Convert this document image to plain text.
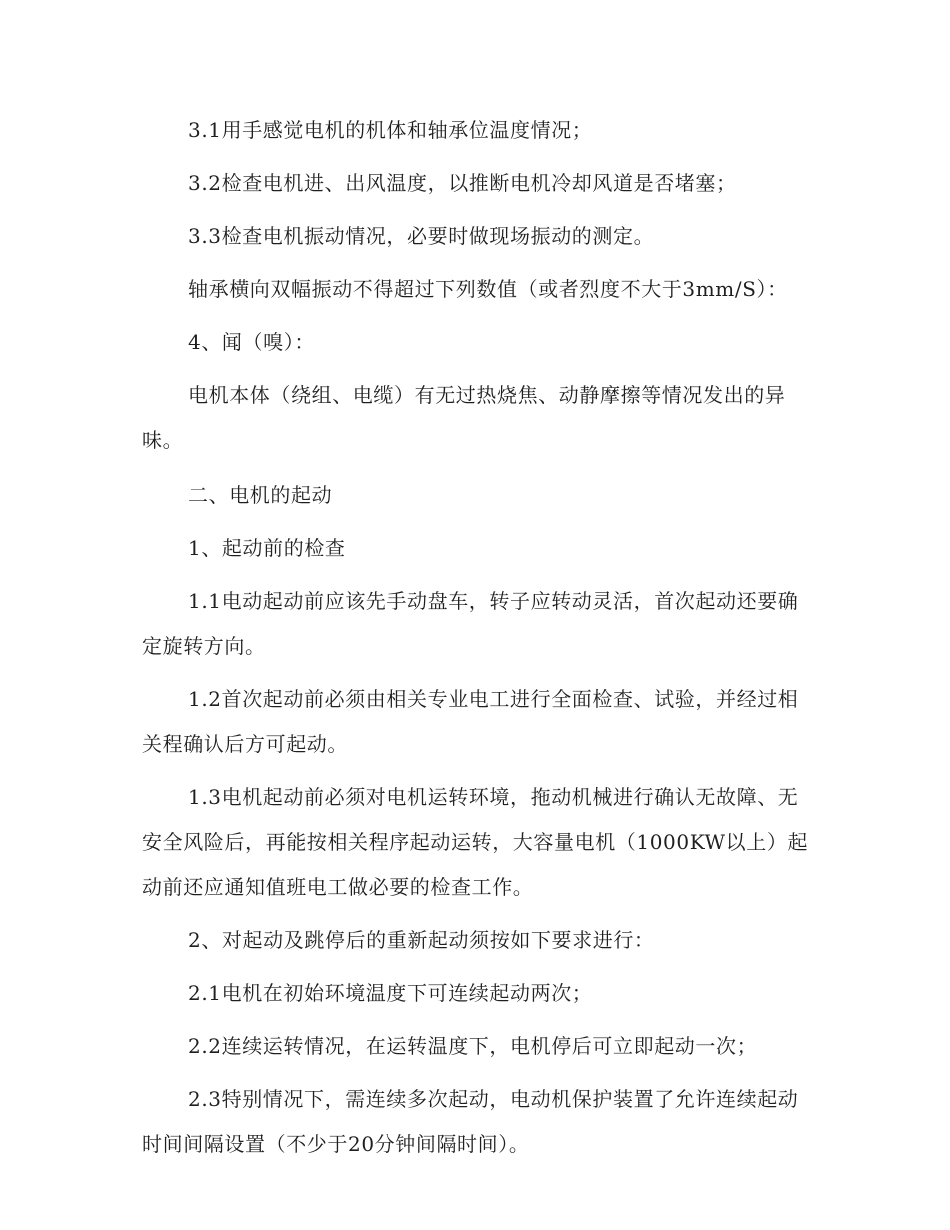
3.1用手感觉电机的机体和轴承位温度情况；

3.2检查电机进、出风温度，以推断电机冷却风道是否堵塞；

3.3检查电机振动情况，必要时做现场振动的测定。

轴承横向双幅振动不得超过下列数值（或者烈度不大于3mm/S）：

4、闻（嗅）：

电机本体（绕组、电缆）有无过热烧焦、动静摩擦等情况发出的异味。

二、电机的起动

1、起动前的检查

1.1电动起动前应该先手动盘车，转子应转动灵活，首次起动还要确定旋转方向。

1.2首次起动前必须由相关专业电工进行全面检查、试验，并经过相关程确认后方可起动。

1.3电机起动前必须对电机运转环境，拖动机械进行确认无故障、无安全风险后，再能按相关程序起动运转，大容量电机（1000KW以上）起动前还应通知值班电工做必要的检查工作。

2、对起动及跳停后的重新起动须按如下要求进行：

2.1电机在初始环境温度下可连续起动两次；

2.2连续运转情况，在运转温度下，电机停后可立即起动一次；

2.3特别情况下，需连续多次起动，电动机保护装置了允许连续起动时间间隔设置（不少于20分钟间隔时间）。
